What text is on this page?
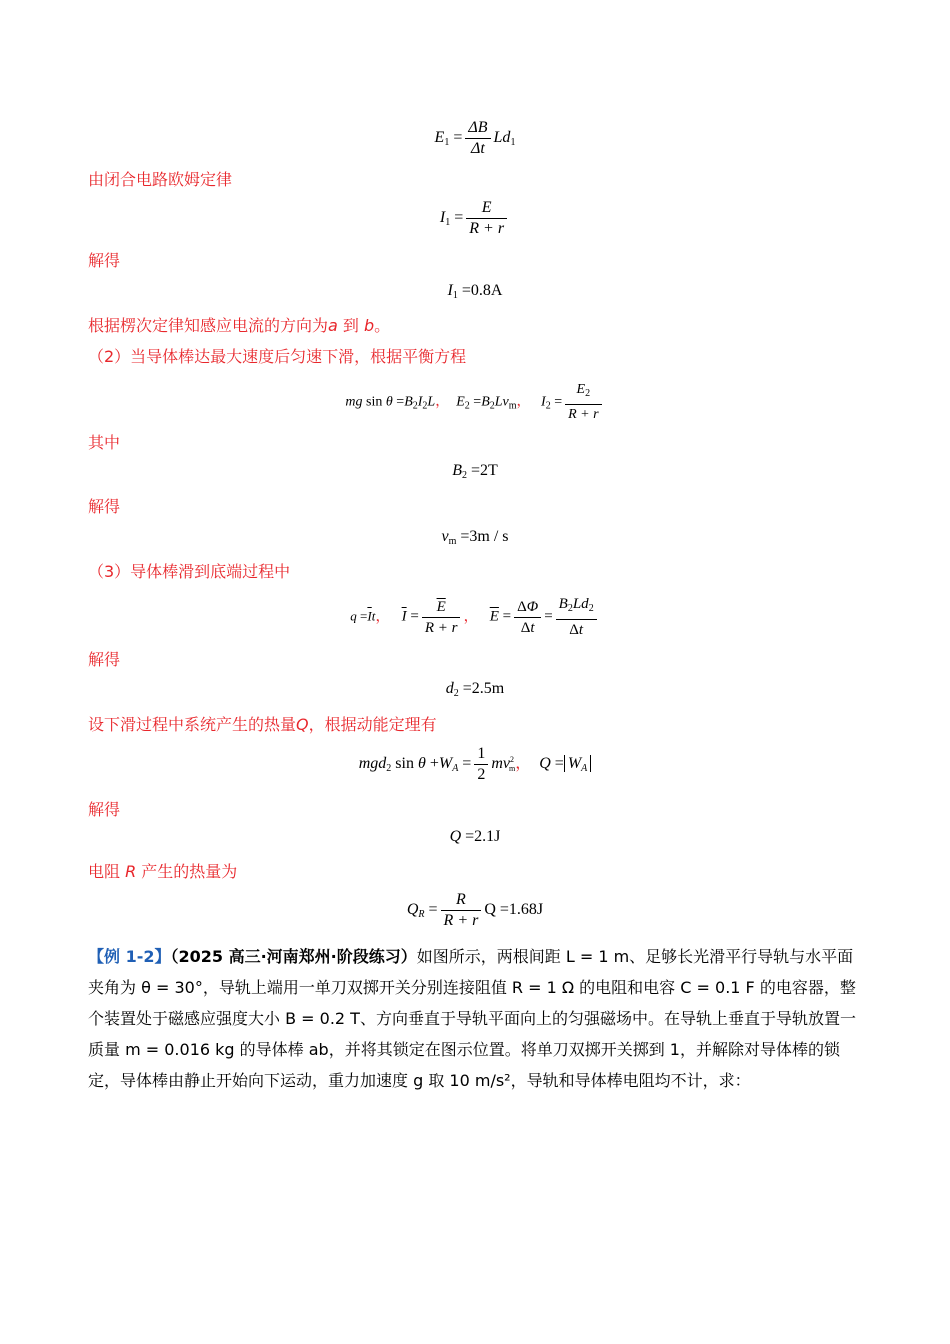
$E_1 = \frac{\Delta B}{\Delta t} Ld_1$
由闭合电路欧姆定律
$I_1 = \frac{E}{R + r}$
解得
$I_1 =0.8A$
根据楞次定律知感应电流的方向为a 到 b。
（2）当导体棒达最大速度后匀速下滑，根据平衡方程
mg $\sin \theta =B_2I_2L$， $E_2 =B_2Lv_m$， $I_2 = \frac{E_2}{R + r}$
其中
$B_2 =2T$
解得
$v_m =3m / s$
（3）导体棒滑到底端过程中
$q =\overline{I}t$， $\overline{I} = \frac{\overline{E}}{R + r}$ ， $\overline{E} = \frac{\Delta\Phi}{\Delta t} = \frac{B_2Ld_2}{\Delta t}$
解得
$d_2 =2.5m$
设下滑过程中系统产生的热量Q，根据动能定理有
mgd$_2$ $\sin \theta +W_A = \frac{1}{2} mv^2_m$， $Q = W_A$
解得
Q =2.1J
电阻 R 产生的热量为
$Q_R = \frac{R}{R + r}$ Q =1.68J
【例 1-2】（2025 高三·河南郑州·阶段练习）如图所示，两根间距 L = 1 m、足够长光滑平行导轨与水平面夹角为 θ = 30°，导轨上端用一单刀双掷开关分别连接阻值 R = 1 Ω 的电阻和电容 C = 0.1 F 的电容器，整个装置处于磁感应强度大小 B = 0.2 T、方向垂直于导轨平面向上的匀强磁场中。在导轨上垂直于导轨放置一质量 m = 0.016 kg 的导体棒 ab，并将其锁定在图示位置。将单刀双掷开关掷到 1，并解除对导体棒的锁定，导体棒由静止开始向下运动，重力加速度 g 取 10 m/s²，导轨和导体棒电阻均不计，求：
